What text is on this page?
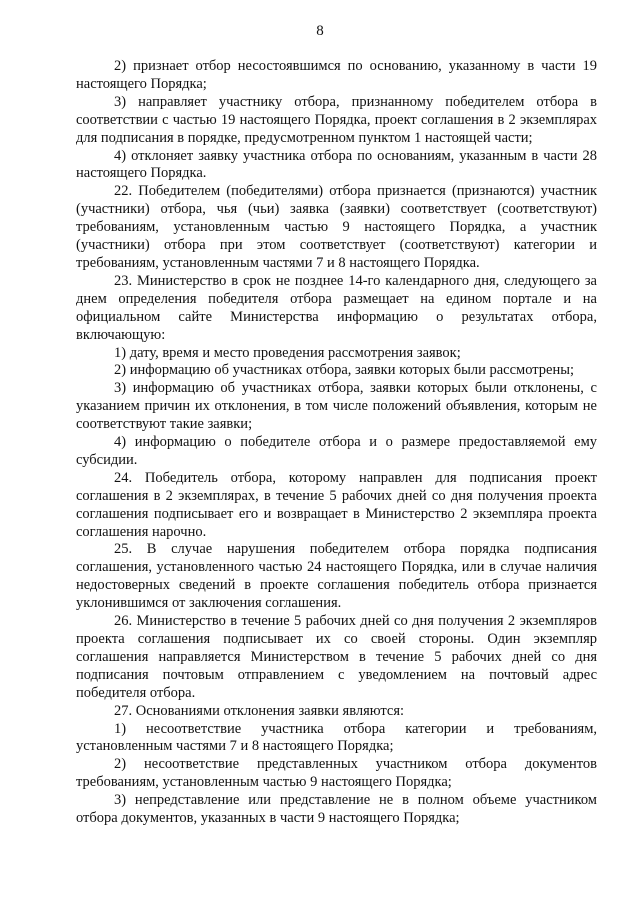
8

2) признает отбор несостоявшимся по основанию, указанному в части 19 настоящего Порядка;

3) направляет участнику отбора, признанному победителем отбора в соответствии с частью 19 настоящего Порядка, проект соглашения в 2 экземплярах для подписания в порядке, предусмотренном пунктом 1 настоящей части;

4) отклоняет заявку участника отбора по основаниям, указанным в части 28 настоящего Порядка.

22. Победителем (победителями) отбора признается (признаются) участник (участники) отбора, чья (чьи) заявка (заявки) соответствует (соответствуют) требованиям, установленным частью 9 настоящего Порядка, а участник (участники) отбора при этом соответствует (соответствуют) категории и требованиям, установленным частями 7 и 8 настоящего Порядка.

23. Министерство в срок не позднее 14-го календарного дня, следующего за днем определения победителя отбора размещает на едином портале и на официальном сайте Министерства информацию о результатах отбора, включающую:

1) дату, время и место проведения рассмотрения заявок;

2) информацию об участниках отбора, заявки которых были рассмотрены;

3) информацию об участниках отбора, заявки которых были отклонены, с указанием причин их отклонения, в том числе положений объявления, которым не соответствуют такие заявки;

4) информацию о победителе отбора и о размере предоставляемой ему субсидии.

24. Победитель отбора, которому направлен для подписания проект соглашения в 2 экземплярах, в течение 5 рабочих дней со дня получения проекта соглашения подписывает его и возвращает в Министерство 2 экземпляра проекта соглашения нарочно.

25. В случае нарушения победителем отбора порядка подписания соглашения, установленного частью 24 настоящего Порядка, или в случае наличия недостоверных сведений в проекте соглашения победитель отбора признается уклонившимся от заключения соглашения.

26. Министерство в течение 5 рабочих дней со дня получения 2 экземпляров проекта соглашения подписывает их со своей стороны. Один экземпляр соглашения направляется Министерством в течение 5 рабочих дней со дня подписания почтовым отправлением с уведомлением на почтовый адрес победителя отбора.

27. Основаниями отклонения заявки являются:

1) несоответствие участника отбора категории и требованиям, установленным частями 7 и 8 настоящего Порядка;

2) несоответствие представленных участником отбора документов требованиям, установленным частью 9 настоящего Порядка;

3) непредставление или представление не в полном объеме участником отбора документов, указанных в части 9 настоящего Порядка;
